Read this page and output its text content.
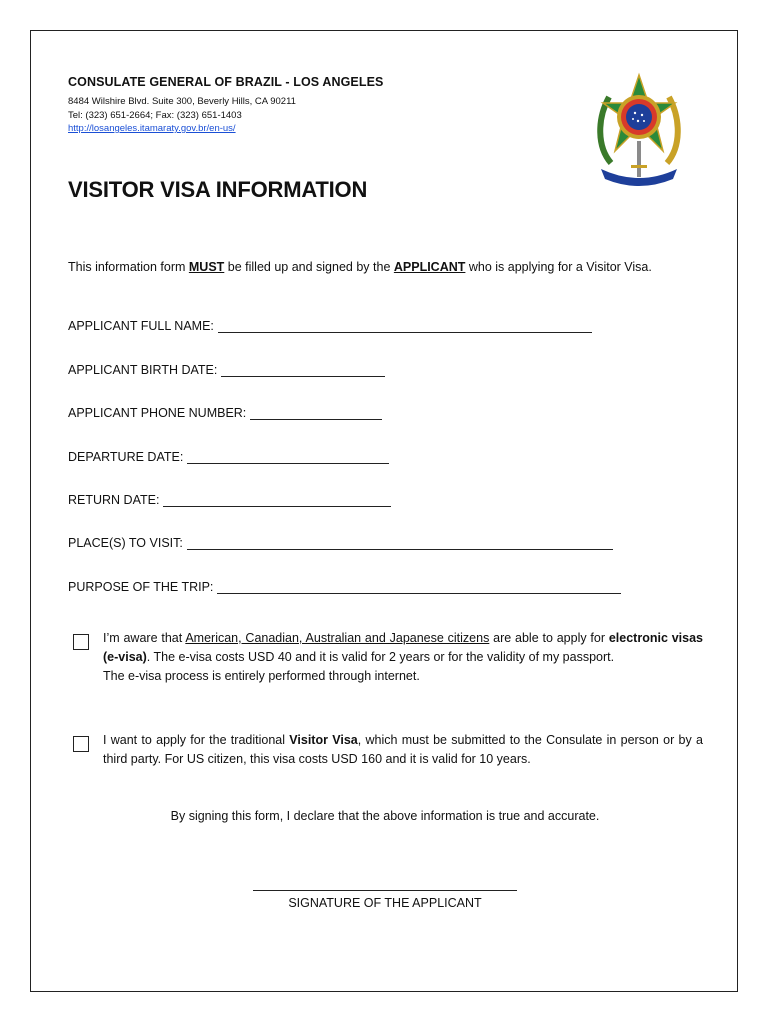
CONSULATE GENERAL OF BRAZIL - LOS ANGELES
8484 Wilshire Blvd. Suite 300, Beverly Hills, CA 90211
Tel: (323) 651-2664; Fax: (323) 651-1403
http://losangeles.itamaraty.gov.br/en-us/
VISITOR VISA INFORMATION
This information form MUST be filled up and signed by the APPLICANT who is applying for a Visitor Visa.
APPLICANT FULL NAME:
APPLICANT BIRTH DATE:
APPLICANT PHONE NUMBER:
DEPARTURE DATE:
RETURN DATE:
PLACE(S) TO VISIT:
PURPOSE OF THE TRIP:
I’m aware that American, Canadian, Australian and Japanese citizens are able to apply for electronic visas (e-visa). The e-visa costs USD 40 and it is valid for 2 years or for the validity of my passport.
The e-visa process is entirely performed through internet.
I want to apply for the traditional Visitor Visa, which must be submitted to the Consulate in person or by a third party. For US citizen, this visa costs USD 160 and it is valid for 10 years.
By signing this form, I declare that the above information is true and accurate.
SIGNATURE OF THE APPLICANT
